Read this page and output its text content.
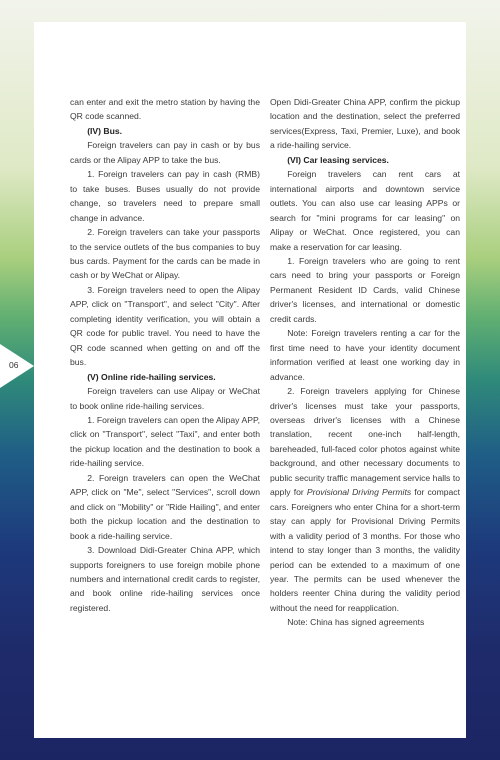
can enter and exit the metro station by having the QR code scanned.

(IV) Bus.

Foreign travelers can pay in cash or by bus cards or the Alipay APP to take the bus.

1. Foreign travelers can pay in cash (RMB) to take buses. Buses usually do not provide change, so travelers need to prepare small change in advance.

2. Foreign travelers can take your passports to the service outlets of the bus companies to buy bus cards. Payment for the cards can be made in cash or by WeChat or Alipay.

3. Foreign travelers need to open the Alipay APP, click on "Transport", and select "City". After completing identity verification, you will obtain a QR code for public travel. You need to have the QR code scanned when getting on and off the bus.

(V) Online ride-hailing services.

Foreign travelers can use Alipay or WeChat to book online ride-hailing services.

1. Foreign travelers can open the Alipay APP, click on "Transport", select "Taxi", and enter both the pickup location and the destination to book a ride-hailing service.

2. Foreign travelers can open the WeChat APP, click on "Me", select "Services", scroll down and click on "Mobility" or "Ride Hailing", and enter both the pickup location and the destination to book a ride-hailing service.

3. Download Didi-Greater China APP, which supports foreigners to use foreign mobile phone numbers and international credit cards to register, and book online ride-hailing services once registered.

Open Didi-Greater China APP, confirm the pickup location and the destination, select the preferred services(Express, Taxi, Premier, Luxe), and book a ride-hailing service.

(VI) Car leasing services.

Foreign travelers can rent cars at international airports and downtown service outlets. You can also use car leasing APPs or search for "mini programs for car leasing" on Alipay or WeChat. Once registered, you can make a reservation for car leasing.

1. Foreign travelers who are going to rent cars need to bring your passports or Foreign Permanent Resident ID Cards, valid Chinese driver's licenses, and international or domestic credit cards.

Note: Foreign travelers renting a car for the first time need to have your identity document information verified at least one working day in advance.

2. Foreign travelers applying for Chinese driver's licenses must take your passports, overseas driver's licenses with a Chinese translation, recent one-inch half-length, bareheaded, full-faced color photos against white background, and other necessary documents to public security traffic management service halls to apply for Provisional Driving Permits for compact cars. Foreigners who enter China for a short-term stay can apply for Provisional Driving Permits with a validity period of 3 months. For those who intend to stay longer than 3 months, the validity period can be extended to a maximum of one year. The permits can be used whenever the holders reenter China during the validity period without the need for reapplication.

Note: China has signed agreements

06
